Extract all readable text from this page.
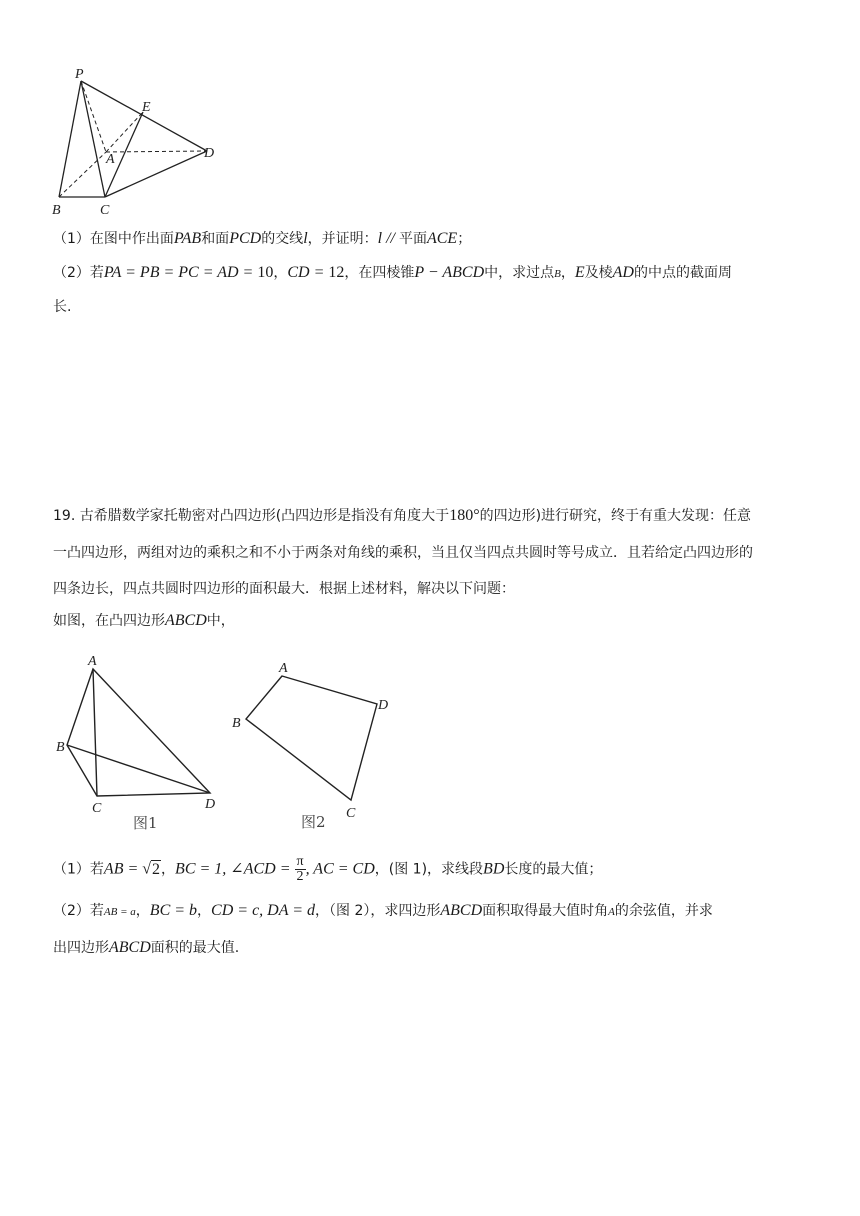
P
E
A	D
B	C
（1）在图中作出面PAB和面PCD的交线l，并证明：l // 平面ACE；
（2）若PA = PB = PC = AD = 10，CD = 12，在四棱锥P − ABCD中，求过点B，E及棱AD的中点的截面周
长.
19. 古希腊数学家托勒密对凸四边形(凸四边形是指没有角度大于180°的四边形)进行研究，终于有重大发现：任意
一凸四边形，两组对边的乘积之和不小于两条对角线的乘积，当且仅当四点共圆时等号成立．且若给定凸四边形的
四条边长，四点共圆时四边形的面积最大．根据上述材料，解决以下问题：
如图，在凸四边形ABCD中，
A
B
C	D
图1
A
B
C
D
图2
（1）若AB = √2，BC = 1, ∠ACD = $\frac{\pi}{2}$ , AC = CD，(图 1)，求线段BD长度的最大值；
（2）若AB = a，BC = b，CD = c, DA = d，（图 2），求四边形ABCD面积取得最大值时角A的余弦值，并求
出四边形ABCD面积的最大值.
